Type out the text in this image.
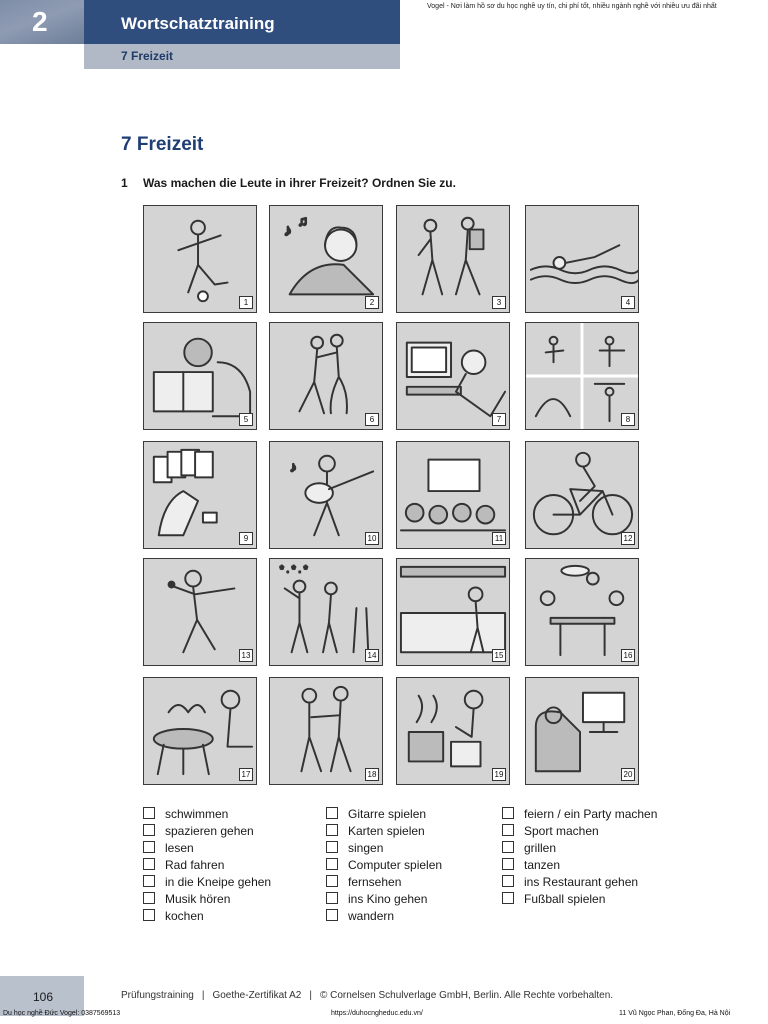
2	Wortschatztraining
7 Freizeit
Vogel - Nơi làm hồ sơ du học nghề uy tín, chi phí tốt, nhiều ngành nghề với nhiều ưu đãi nhất
7 Freizeit
1 Was machen die Leute in ihrer Freizeit? Ordnen Sie zu.
1
♪
♫
2	3	4
5	6	7	8
9
♪
10	11	12
13
* . * . *
14	15	16
17	18	19	20
schwimmen
spazieren gehen
lesen
Rad fahren
in die Kneipe gehen
Musik hören
kochen
Gitarre spielen
Karten spielen
singen
Computer spielen
fernsehen
ins Kino gehen
wandern
feiern / ein Party machen
Sport machen
grillen
tanzen
ins Restaurant gehen
Fußball spielen
106	Prüfungstraining | Goethe-Zertifikat A2 | © Cornelsen Schulverlage GmbH, Berlin. Alle Rechte vorbehalten.
Du học nghề Đức Vogel: 0387569513	https://duhocngheduc.edu.vn/	11 Vũ Ngọc Phan, Đống Đa, Hà Nội
